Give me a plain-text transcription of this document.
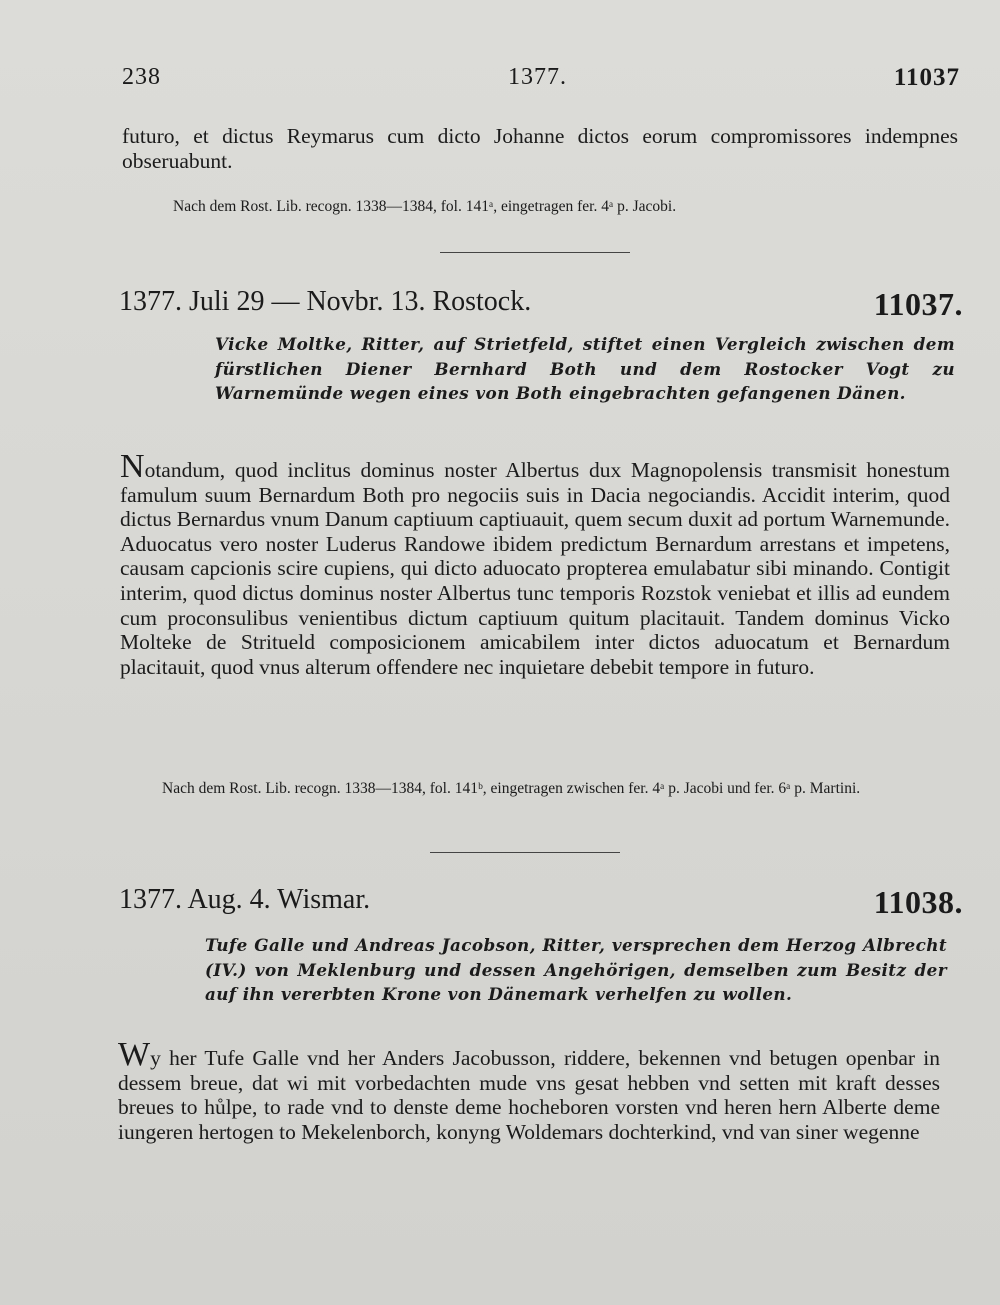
238	1377.	11037
futuro, et dictus Reymarus cum dicto Johanne dictos eorum compromissores indempnes obseruabunt.
Nach dem Rost. Lib. recogn. 1338—1384, fol. 141ᵃ, eingetragen fer. 4ᵃ p. Jacobi.
1377. Juli 29 — Novbr. 13. Rostock.	11037.
Vicke Moltke, Ritter, auf Strietfeld, stiftet einen Vergleich zwischen dem fürstlichen Diener Bernhard Both und dem Rostocker Vogt zu Warnemünde wegen eines von Both eingebrachten gefangenen Dänen.
Notandum, quod inclitus dominus noster Albertus dux Magnopolensis transmisit honestum famulum suum Bernardum Both pro negociis suis in Dacia negociandis. Accidit interim, quod dictus Bernardus vnum Danum captiuum captiuauit, quem secum duxit ad portum Warnemunde. Aduocatus vero noster Luderus Randowe ibidem predictum Bernardum arrestans et impetens, causam capcionis scire cupiens, qui dicto aduocato propterea emulabatur sibi minando. Contigit interim, quod dictus dominus noster Albertus tunc temporis Rozstok veniebat et illis ad eundem cum proconsulibus venientibus dictum captiuum quitum placitauit. Tandem dominus Vicko Molteke de Stritueld composicionem amicabilem inter dictos aduocatum et Bernardum placitauit, quod vnus alterum offendere nec inquietare debebit tempore in futuro.
Nach dem Rost. Lib. recogn. 1338—1384, fol. 141ᵇ, eingetragen zwischen fer. 4ᵃ p. Jacobi und fer. 6ᵃ p. Martini.
1377. Aug. 4. Wismar.	11038.
Tufe Galle und Andreas Jacobson, Ritter, versprechen dem Herzog Albrecht (IV.) von Meklenburg und dessen Angehörigen, demselben zum Besitz der auf ihn vererbten Krone von Dänemark verhelfen zu wollen.
Wy her Tufe Galle vnd her Anders Jacobusson, riddere, bekennen vnd betugen openbar in dessem breue, dat wi mit vorbedachten mude vns gesat hebben vnd setten mit kraft desses breues to hůlpe, to rade vnd to denste deme hocheboren vorsten vnd heren hern Alberte deme iungeren hertogen to Mekelenborch, konyng Woldemars dochterkind, vnd van siner wegenne
